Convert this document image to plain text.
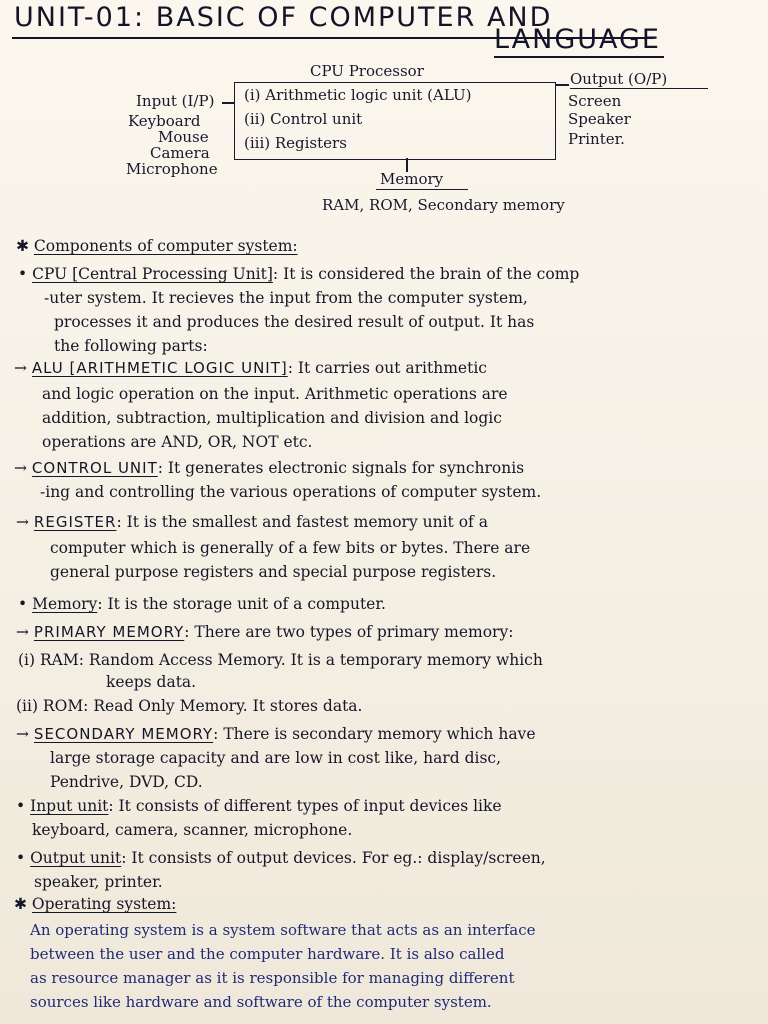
UNIT-01: BASIC OF COMPUTER AND
LANGUAGE
CPU Processor
(i) Arithmetic logic unit (ALU)
(ii) Control unit
(iii) Registers
Input (I/P)
Keyboard
Mouse
Camera
Microphone
Output (O/P)
Screen
Speaker
Printer.
Memory
RAM, ROM, Secondary memory
✱ Components of computer system:
• CPU [Central Processing Unit]: It is considered the brain of the comp
-uter system. It recieves the input from the computer system,
processes it and produces the desired result of output. It has
the following parts:
→ ALU [ARITHMETIC LOGIC UNIT]: It carries out arithmetic
and logic operation on the input. Arithmetic operations are
addition, subtraction, multiplication and division and logic
operations are AND, OR, NOT etc.
→ CONTROL UNIT: It generates electronic signals for synchronis
-ing and controlling the various operations of computer system.
→ REGISTER: It is the smallest and fastest memory unit of a
computer which is generally of a few bits or bytes. There are
general purpose registers and special purpose registers.
• Memory: It is the storage unit of a computer.
→ PRIMARY MEMORY: There are two types of primary memory:
(i) RAM: Random Access Memory. It is a temporary memory which
keeps data.
(ii) ROM: Read Only Memory. It stores data.
→ SECONDARY MEMORY: There is secondary memory which have
large storage capacity and are low in cost like, hard disc,
Pendrive, DVD, CD.
• Input unit: It consists of different types of input devices like
keyboard, camera, scanner, microphone.
• Output unit: It consists of output devices. For eg.: display/screen,
speaker, printer.
✱ Operating system:
An operating system is a system software that acts as an interface
between the user and the computer hardware. It is also called
as resource manager as it is responsible for managing different
sources like hardware and software of the computer system.
